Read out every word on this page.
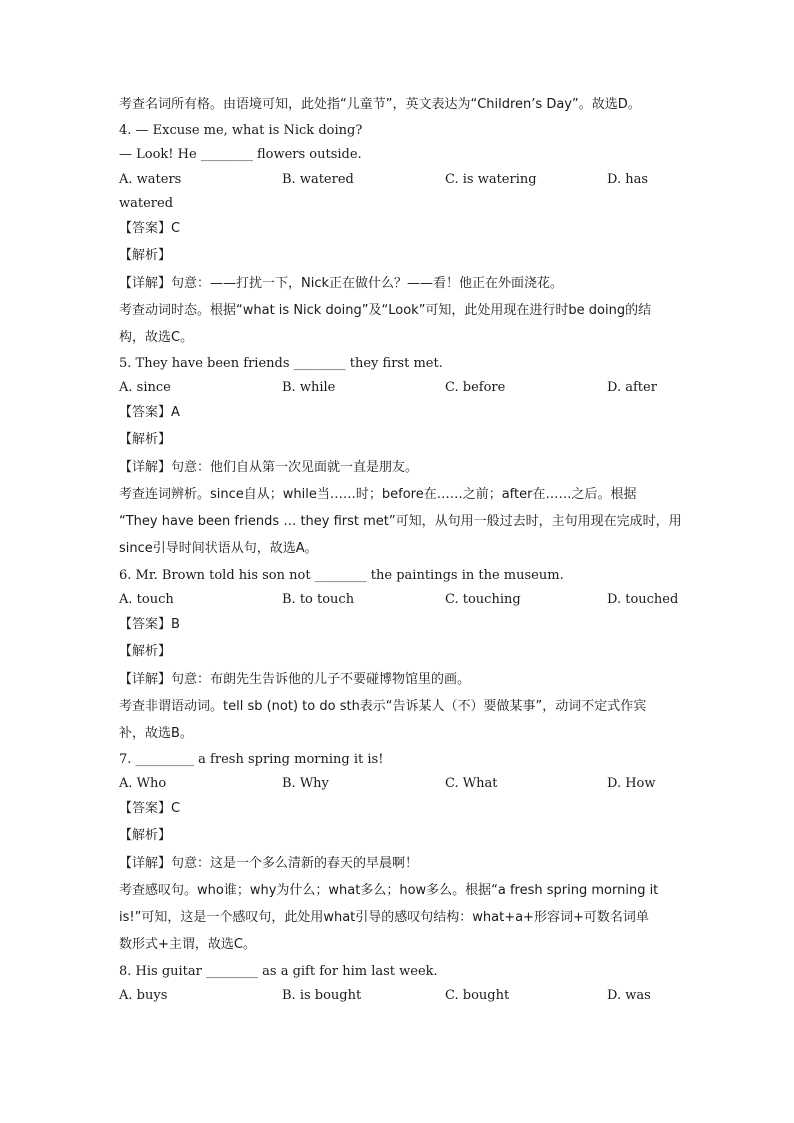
考查名词所有格。由语境可知，此处指“儿童节”，英文表达为“Children’s Day”。故选D。
4. — Excuse me, what is Nick doing?
— Look! He ________ flowers outside.
A. waters	B. watered	C. is watering	D. has
watered
【答案】C
【解析】
【详解】句意：——打扰一下，Nick正在做什么？——看！他正在外面浇花。
考查动词时态。根据“what is Nick doing”及“Look”可知，此处用现在进行时be doing的结
构，故选C。
5. They have been friends ________ they first met.
A. since	B. while	C. before	D. after
【答案】A
【解析】
【详解】句意：他们自从第一次见面就一直是朋友。
考查连词辨析。since自从；while当……时；before在……之前；after在……之后。根据
“They have been friends … they first met”可知，从句用一般过去时，主句用现在完成时，用
since引导时间状语从句，故选A。
6. Mr. Brown told his son not ________ the paintings in the museum.
A. touch	B. to touch	C. touching	D. touched
【答案】B
【解析】
【详解】句意：布朗先生告诉他的儿子不要碰博物馆里的画。
考查非谓语动词。tell sb (not) to do sth表示“告诉某人（不）要做某事”，动词不定式作宾
补，故选B。
7. _________ a fresh spring morning it is!
A. Who	B. Why	C. What	D. How
【答案】C
【解析】
【详解】句意：这是一个多么清新的春天的早晨啊！
考查感叹句。who谁；why为什么；what多么；how多么。根据“a fresh spring morning it
is!”可知，这是一个感叹句，此处用what引导的感叹句结构：what+a+形容词+可数名词单
数形式+主谓，故选C。
8. His guitar ________ as a gift for him last week.
A. buys	B. is bought	C. bought	D. was
